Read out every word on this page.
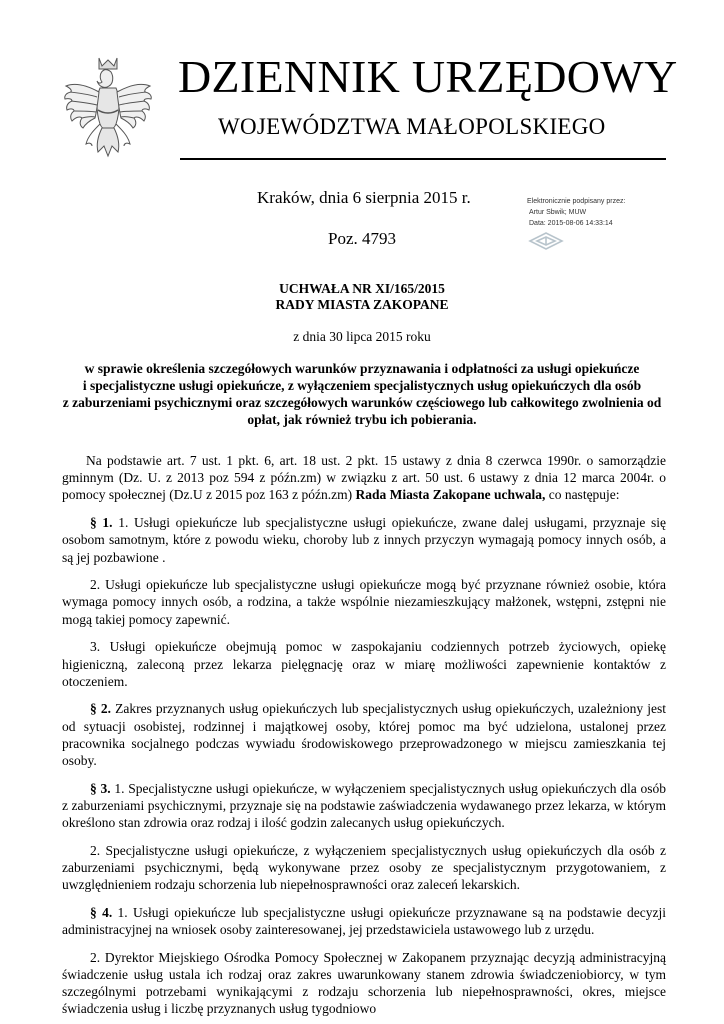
DZIENNIK URZĘDOWY
WOJEWÓDZTWA MAŁOPOLSKIEGO
Kraków, dnia 6 sierpnia 2015 r.
Poz. 4793
Elektronicznie podpisany przez:
Artur Sbwik; MUW
Data: 2015-08-06 14:33:14
UCHWAŁA NR XI/165/2015
RADY MIASTA ZAKOPANE
z dnia 30 lipca 2015 roku
w sprawie określenia szczegółowych warunków przyznawania i odpłatności za usługi opiekuńcze
i specjalistyczne usługi opiekuńcze, z wyłączeniem specjalistycznych usług opiekuńczych dla osób
z zaburzeniami psychicznymi oraz szczegółowych warunków częściowego lub całkowitego zwolnienia od
opłat, jak również trybu ich pobierania.

Na podstawie art. 7 ust. 1 pkt. 6, art. 18 ust. 2 pkt. 15 ustawy z dnia 8 czerwca 1990r. o samorządzie gminnym (Dz. U. z 2013 poz 594 z późn.zm) w związku z art. 50 ust. 6 ustawy z dnia 12 marca 2004r. o pomocy społecznej (Dz.U z 2015 poz 163 z późn.zm) Rada Miasta Zakopane uchwala, co następuje:

§ 1. 1. Usługi opiekuńcze lub specjalistyczne usługi opiekuńcze, zwane dalej usługami, przyznaje się osobom samotnym, które z powodu wieku, choroby lub z innych przyczyn wymagają pomocy innych osób, a są jej pozbawione .

2. Usługi opiekuńcze lub specjalistyczne usługi opiekuńcze mogą być przyznane również osobie, która wymaga pomocy innych osób, a rodzina, a także wspólnie niezamieszkujący małżonek, wstępni, zstępni nie mogą takiej pomocy zapewnić.

3. Usługi opiekuńcze obejmują pomoc w zaspokajaniu codziennych potrzeb życiowych, opiekę higieniczną, zaleconą przez lekarza pielęgnację oraz w miarę możliwości zapewnienie kontaktów z otoczeniem.

§ 2. Zakres przyznanych usług opiekuńczych lub specjalistycznych usług opiekuńczych, uzależniony jest od sytuacji osobistej, rodzinnej i majątkowej osoby, której pomoc ma być udzielona, ustalonej przez pracownika socjalnego podczas wywiadu środowiskowego przeprowadzonego w miejscu zamieszkania tej osoby.

§ 3. 1. Specjalistyczne usługi opiekuńcze, w wyłączeniem specjalistycznych usług opiekuńczych dla osób z zaburzeniami psychicznymi, przyznaje się na podstawie zaświadczenia wydawanego przez lekarza, w którym określono stan zdrowia oraz rodzaj i ilość godzin zalecanych usług opiekuńczych.

2. Specjalistyczne usługi opiekuńcze, z wyłączeniem specjalistycznych usług opiekuńczych dla osób z zaburzeniami psychicznymi, będą wykonywane przez osoby ze specjalistycznym przygotowaniem, z uwzględnieniem rodzaju schorzenia lub niepełnosprawności oraz zaleceń lekarskich.

§ 4. 1. Usługi opiekuńcze lub specjalistyczne usługi opiekuńcze przyznawane są na podstawie decyzji administracyjnej na wniosek osoby zainteresowanej, jej przedstawiciela ustawowego lub z urzędu.

2. Dyrektor Miejskiego Ośrodka Pomocy Społecznej w Zakopanem przyznając decyzją administracyjną świadczenie usług ustala ich rodzaj oraz zakres uwarunkowany stanem zdrowia świadczeniobiorcy, w tym szczególnymi potrzebami wynikającymi z rodzaju schorzenia lub niepełnosprawności, okres, miejsce świadczenia usług i liczbę przyznanych usług tygodniowo
